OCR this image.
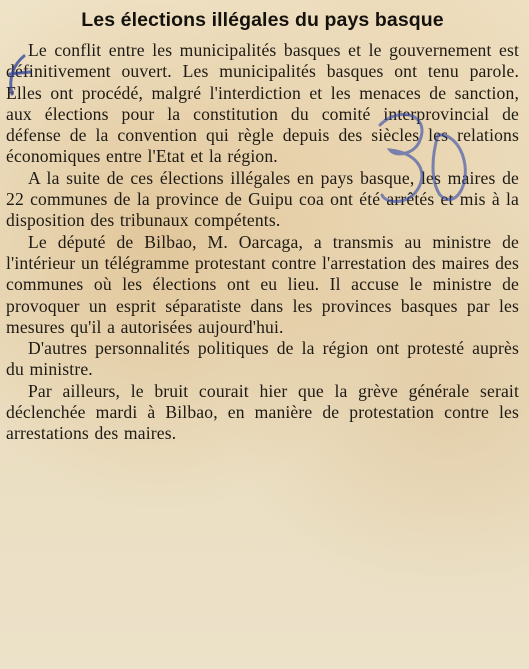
Les élections illégales du pays basque

Le conflit entre les municipalités basques et le gouvernement est définitivement ouvert. Les municipalités basques ont tenu parole. Elles ont procédé, malgré l'interdiction et les menaces de sanction, aux élections pour la constitution du comité interprovincial de défense de la convention qui règle depuis des siècles les relations économiques entre l'Etat et la région.

A la suite de ces élections illégales en pays basque, les maires de 22 communes de la province de Guipu coa ont été arrêtés et mis à la disposition des tribunaux compétents.

Le député de Bilbao, M. Oarcaga, a transmis au ministre de l'intérieur un télégramme protestant contre l'arrestation des maires des communes où les élections ont eu lieu. Il accuse le ministre de provoquer un esprit séparatiste dans les provinces basques par les mesures qu'il a autorisées aujourd'hui.

D'autres personnalités politiques de la région ont protesté auprès du ministre.

Par ailleurs, le bruit courait hier que la grève générale serait déclenchée mardi à Bilbao, en manière de protestation contre les arrestations des maires.
